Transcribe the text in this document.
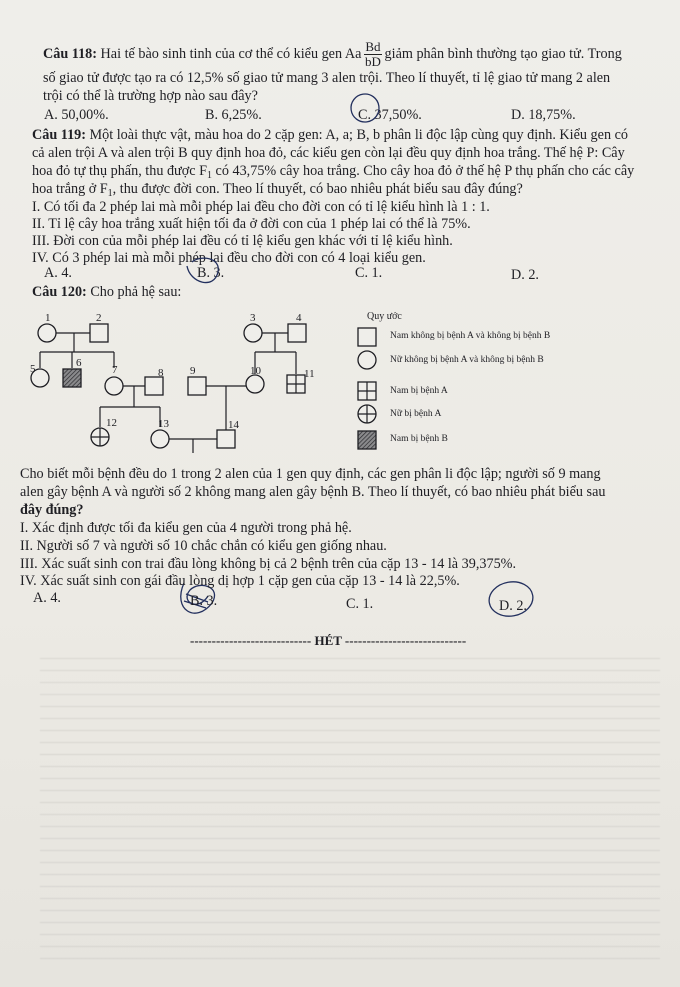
Câu 118: Hai tế bào sinh tinh của cơ thể có kiểu gen Aa $\frac{Bd}{bD}$ giảm phân bình thường tạo giao tử. Trong
số giao tử được tạo ra có 12,5% số giao tử mang 3 alen trội. Theo lí thuyết, tỉ lệ giao tử mang 2 alen
trội có thể là trường hợp nào sau đây?
A. 50,00%.	B. 6,25%.	C. 37,50%.	D. 18,75%.
Câu 119: Một loài thực vật, màu hoa do 2 cặp gen: A, a; B, b phân li độc lập cùng quy định. Kiểu gen có
cả alen trội A và alen trội B quy định hoa đỏ, các kiểu gen còn lại đều quy định hoa trắng. Thế hệ P: Cây
hoa đỏ tự thụ phấn, thu được $F_1$ có 43,75% cây hoa trắng. Cho cây hoa đỏ ở thế hệ P thụ phấn cho các cây
hoa trắng ở $F_1$, thu được đời con. Theo lí thuyết, có bao nhiêu phát biểu sau đây đúng?
I. Có tối đa 2 phép lai mà mỗi phép lai đều cho đời con có tỉ lệ kiểu hình là 1 : 1.
II. Tỉ lệ cây hoa trắng xuất hiện tối đa ở đời con của 1 phép lai có thể là 75%.
III. Đời con của mỗi phép lai đều có tỉ lệ kiểu gen khác với tỉ lệ kiểu hình.
IV. Có 3 phép lai mà mỗi phép lai đều cho đời con có 4 loại kiểu gen.
A. 4.	B. 3.	C. 1.	D. 2.
Câu 120: Cho phả hệ sau:
1	2	3	4
5	6
7	8 9	10	11
12	13	14
Quy ước
Nam không bị bệnh A và không bị bệnh B
Nữ không bị bệnh A và không bị bệnh B
Nam bị bệnh A
Nữ bị bệnh A
Nam bị bệnh B
Cho biết mỗi bệnh đều do 1 trong 2 alen của 1 gen quy định, các gen phân li độc lập; người số 9 mang
alen gây bệnh A và người số 2 không mang alen gây bệnh B. Theo lí thuyết, có bao nhiêu phát biểu sau
đây đúng?
I. Xác định được tối đa kiểu gen của 4 người trong phả hệ.
II. Người số 7 và người số 10 chắc chắn có kiểu gen giống nhau.
III. Xác suất sinh con trai đầu lòng không bị cả 2 bệnh trên của cặp 13 - 14 là 39,375%.
IV. Xác suất sinh con gái đầu lòng dị hợp 1 cặp gen của cặp 13 - 14 là 22,5%.
A. 4.	B. 3.	C. 1.	D. 2.
---------------------------- HÉT ----------------------------
